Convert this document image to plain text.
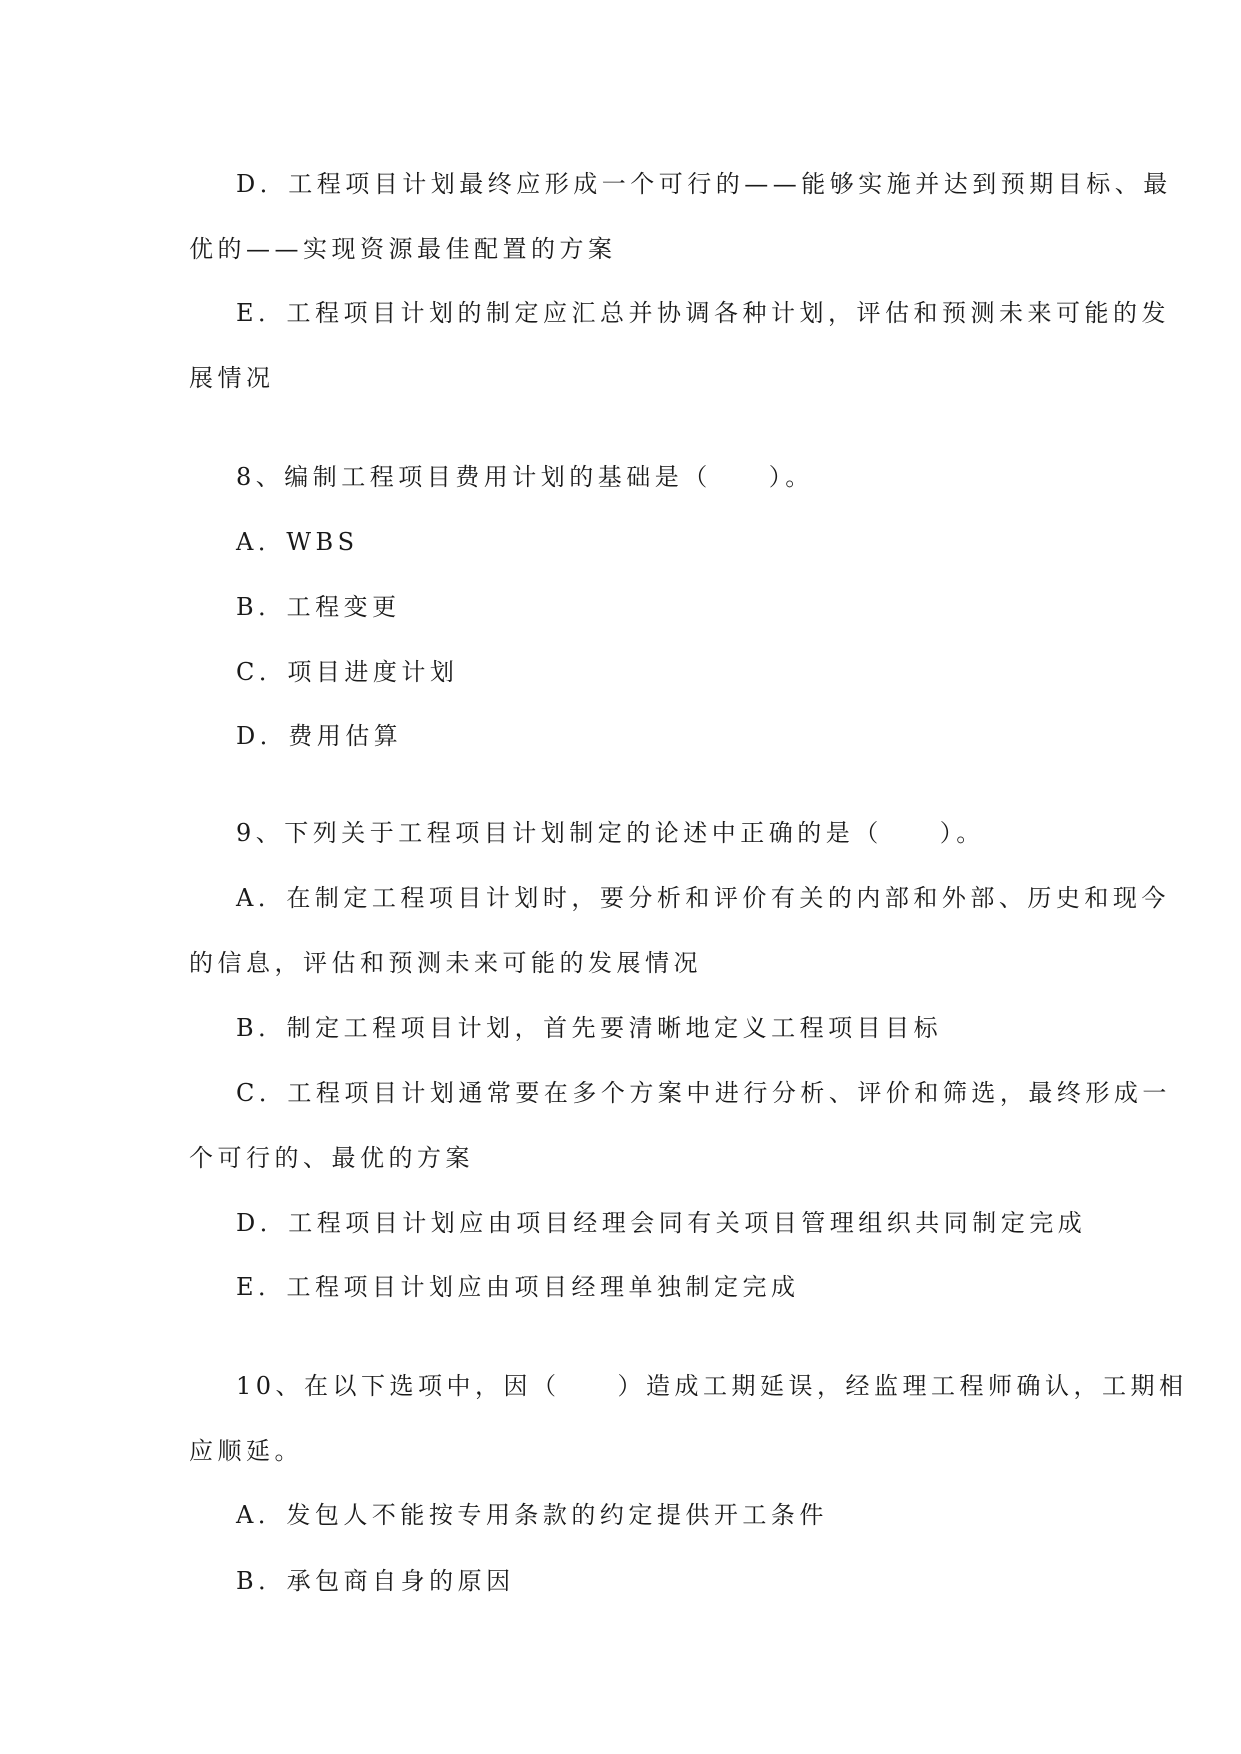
D．工程项目计划最终应形成一个可行的——能够实施并达到预期目标、最
优的——实现资源最佳配置的方案
E．工程项目计划的制定应汇总并协调各种计划，评估和预测未来可能的发
展情况
8、编制工程项目费用计划的基础是（　　）。
A．WBS
B．工程变更
C．项目进度计划
D．费用估算
9、下列关于工程项目计划制定的论述中正确的是（　　）。
A．在制定工程项目计划时，要分析和评价有关的内部和外部、历史和现今
的信息，评估和预测未来可能的发展情况
B．制定工程项目计划，首先要清晰地定义工程项目目标
C．工程项目计划通常要在多个方案中进行分析、评价和筛选，最终形成一
个可行的、最优的方案
D．工程项目计划应由项目经理会同有关项目管理组织共同制定完成
E．工程项目计划应由项目经理单独制定完成
10、在以下选项中，因（　　）造成工期延误，经监理工程师确认，工期相
应顺延。
A．发包人不能按专用条款的约定提供开工条件
B．承包商自身的原因
